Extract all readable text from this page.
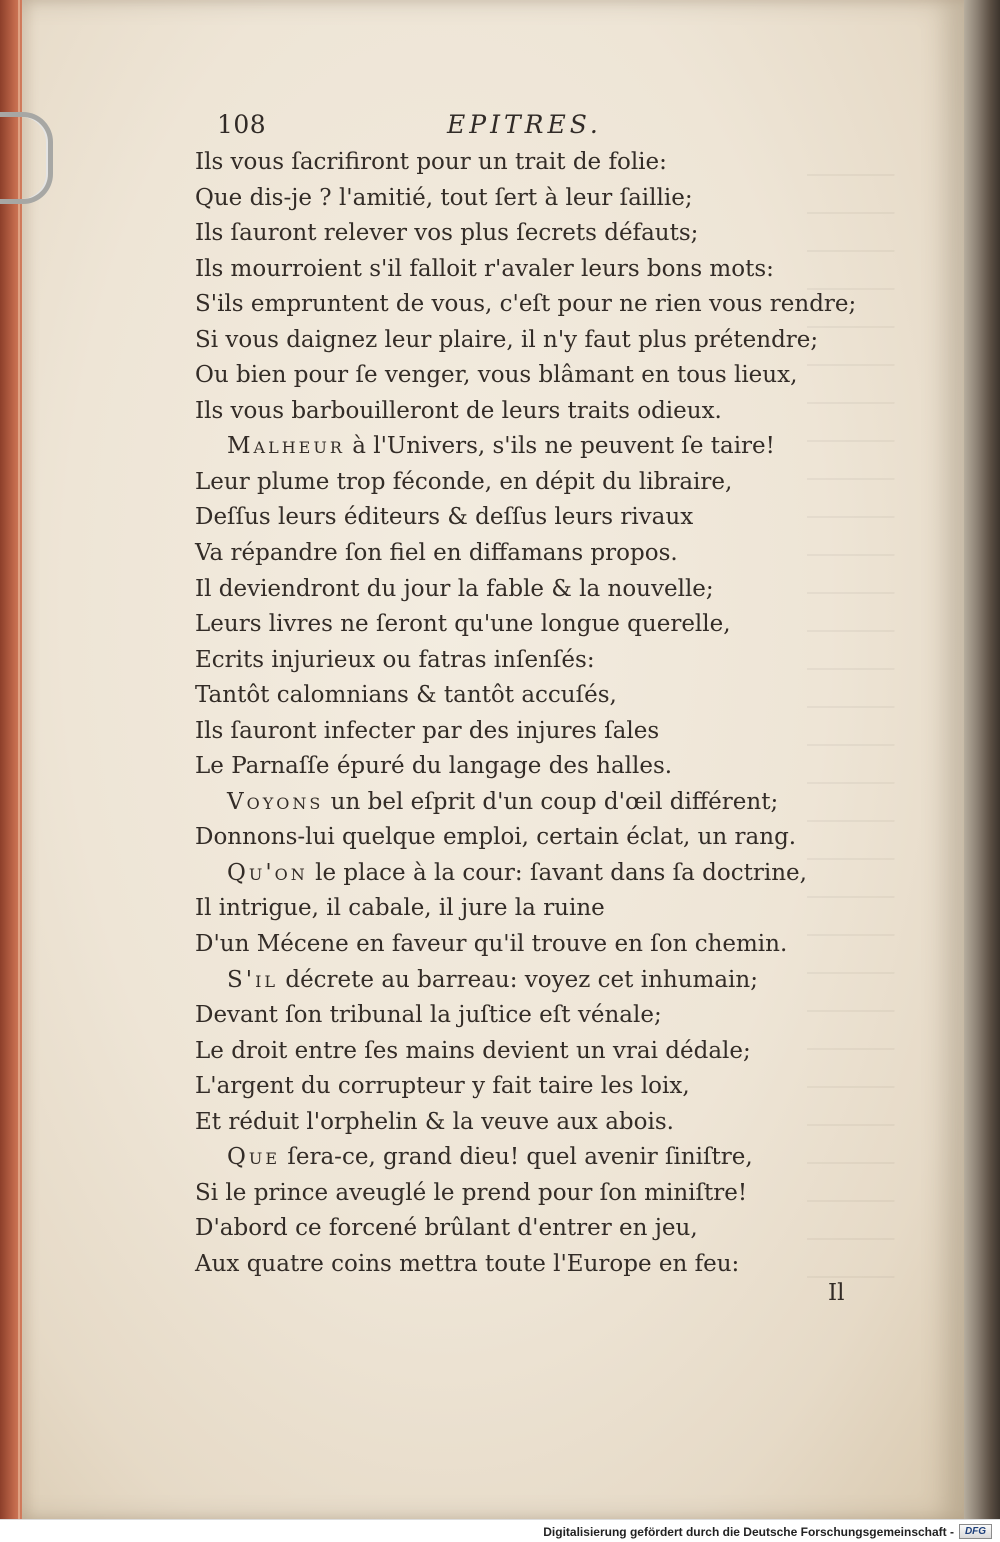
108	EPITRES.
Ils vous ſacrifiront pour un trait de folie:
Que dis-je ? l'amitié, tout ſert à leur ſaillie;
Ils ſauront relever vos plus ſecrets défauts;
Ils mourroient s'il falloit r'avaler leurs bons mots:
S'ils empruntent de vous, c'eſt pour ne rien vous rendre;
Si vous daignez leur plaire, il n'y faut plus prétendre;
Ou bien pour ſe venger, vous blâmant en tous lieux,
Ils vous barbouilleront de leurs traits odieux.
Malheur à l'Univers, s'ils ne peuvent ſe taire!
Leur plume trop féconde, en dépit du libraire,
Deſſus leurs éditeurs & deſſus leurs rivaux
Va répandre ſon fiel en diffamans propos.
Il deviendront du jour la fable & la nouvelle;
Leurs livres ne ſeront qu'une longue querelle,
Ecrits injurieux ou fatras inſenſés:
Tantôt calomnians & tantôt accuſés,
Ils ſauront infecter par des injures ſales
Le Parnaſſe épuré du langage des halles.
Voyons un bel eſprit d'un coup d'œil différent;
Donnons-lui quelque emploi, certain éclat, un rang.
Qu'on le place à la cour: ſavant dans ſa doctrine,
Il intrigue, il cabale, il jure la ruine
D'un Mécene en faveur qu'il trouve en ſon chemin.
S'il décrete au barreau: voyez cet inhumain;
Devant ſon tribunal la juſtice eſt vénale;
Le droit entre ſes mains devient un vrai dédale;
L'argent du corrupteur y fait taire les loix,
Et réduit l'orphelin & la veuve aux abois.
Que ſera-ce, grand dieu! quel avenir ſiniſtre,
Si le prince aveuglé le prend pour ſon miniſtre!
D'abord ce forcené brûlant d'entrer en jeu,
Aux quatre coins mettra toute l'Europe en feu:
Il
Digitalisierung gefördert durch die Deutsche Forschungsgemeinschaft -	DFG
